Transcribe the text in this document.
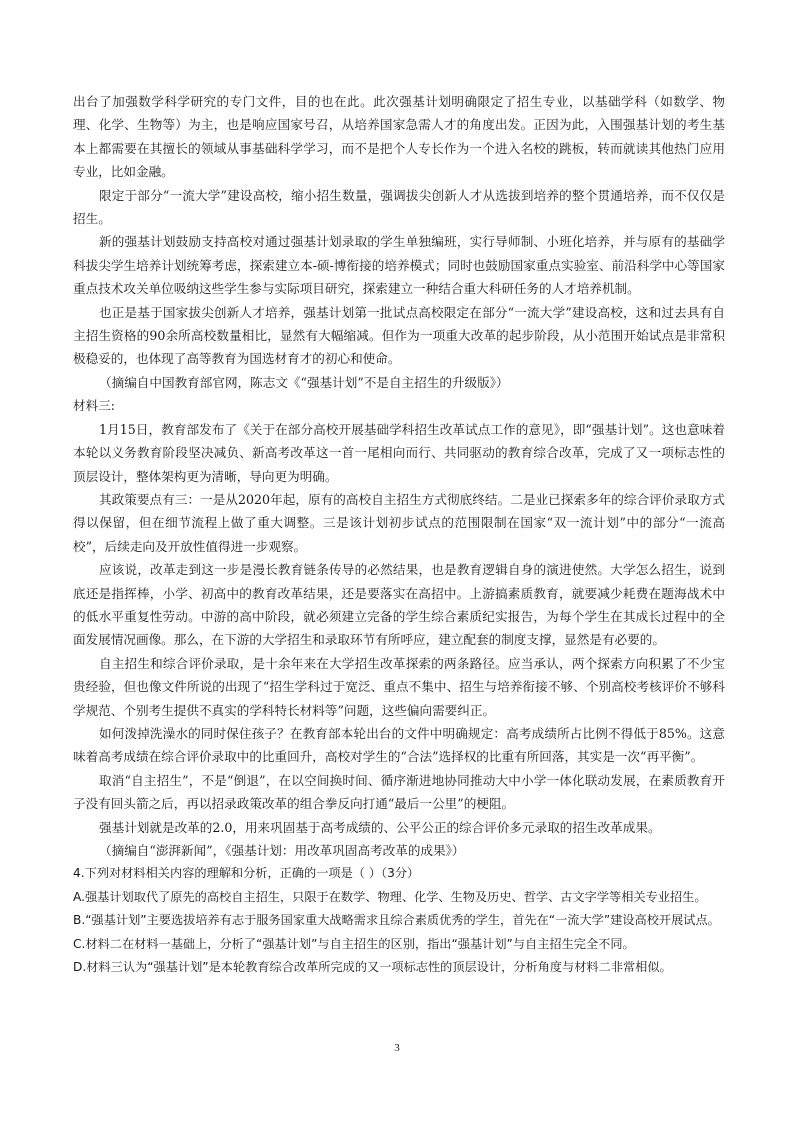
出台了加强数学科学研究的专门文件，目的也在此。此次强基计划明确限定了招生专业，以基础学科（如数学、物理、化学、生物等）为主，也是响应国家号召，从培养国家急需人才的角度出发。正因为此，入围强基计划的考生基本上都需要在其擅长的领域从事基础科学学习，而不是把个人专长作为一个进入名校的跳板，转而就读其他热门应用专业，比如金融。

限定于部分“一流大学”建设高校，缩小招生数量，强调拔尖创新人才从选拔到培养的整个贯通培养，而不仅仅是招生。

新的强基计划鼓励支持高校对通过强基计划录取的学生单独编班，实行导师制、小班化培养，并与原有的基础学科拔尖学生培养计划统筹考虑，探索建立本-硕-博衔接的培养模式；同时也鼓励国家重点实验室、前沿科学中心等国家重点技术攻关单位吸纳这些学生参与实际项目研究，探索建立一种结合重大科研任务的人才培养机制。

也正是基于国家拔尖创新人才培养，强基计划第一批试点高校限定在部分“一流大学”建设高校，这和过去具有自主招生资格的90余所高校数量相比，显然有大幅缩减。但作为一项重大改革的起步阶段，从小范围开始试点是非常积极稳妥的，也体现了高等教育为国选材育才的初心和使命。

（摘编自中国教育部官网，陈志文《“强基计划”不是自主招生的升级版》）

材料三:

1月15日，教育部发布了《关于在部分高校开展基础学科招生改革试点工作的意见》，即“强基计划”。这也意味着本轮以义务教育阶段坚决减负、新高考改革这一首一尾相向而行、共同驱动的教育综合改革，完成了又一项标志性的顶层设计，整体架构更为清晰，导向更为明确。

其政策要点有三：一是从2020年起，原有的高校自主招生方式彻底终结。二是业已探索多年的综合评价录取方式得以保留，但在细节流程上做了重大调整。三是该计划初步试点的范围限制在国家“双一流计划”中的部分“一流高校”，后续走向及开放性值得进一步观察。

应该说，改革走到这一步是漫长教育链条传导的必然结果，也是教育逻辑自身的演进使然。大学怎么招生，说到底还是指挥棒，小学、初高中的教育改革结果，还是要落实在高招中。上游搞素质教育，就要减少耗费在题海战术中的低水平重复性劳动。中游的高中阶段，就必须建立完备的学生综合素质纪实报告，为每个学生在其成长过程中的全面发展情况画像。那么，在下游的大学招生和录取环节有所呼应，建立配套的制度支撑，显然是有必要的。

自主招生和综合评价录取，是十余年来在大学招生改革探索的两条路径。应当承认，两个探索方向积累了不少宝贵经验，但也像文件所说的出现了“招生学科过于宽泛、重点不集中、招生与培养衔接不够、个别高校考核评价不够科学规范、个别考生提供不真实的学科特长材料等”问题，这些偏向需要纠正。

如何泼掉洗澡水的同时保住孩子？在教育部本轮出台的文件中明确规定：高考成绩所占比例不得低于85%。这意味着高考成绩在综合评价录取中的比重回升，高校对学生的“合法”选择权的比重有所回落，其实是一次“再平衡”。

取消“自主招生”，不是“倒退”，在以空间换时间、循序渐进地协同推动大中小学一体化联动发展，在素质教育开子没有回头箭之后，再以招录政策改革的组合拳反向打通“最后一公里”的梗阻。

强基计划就是改革的2.0，用来巩固基于高考成绩的、公平公正的综合评价多元录取的招生改革成果。

（摘编自“澎湃新闻”，《强基计划：用改革巩固高考改革的成果》）

4.下列对材料相关内容的理解和分析，正确的一项是（ ）（3分）

A.强基计划取代了原先的高校自主招生，只限于在数学、物理、化学、生物及历史、哲学、古文字学等相关专业招生。

B.“强基计划”主要选拔培养有志于服务国家重大战略需求且综合素质优秀的学生，首先在“一流大学”建设高校开展试点。

C.材料二在材料一基础上，分析了“强基计划”与自主招生的区别，指出“强基计划”与自主招生完全不同。

D.材料三认为“强基计划”是本轮教育综合改革所完成的又一项标志性的顶层设计，分析角度与材料二非常相似。

3
